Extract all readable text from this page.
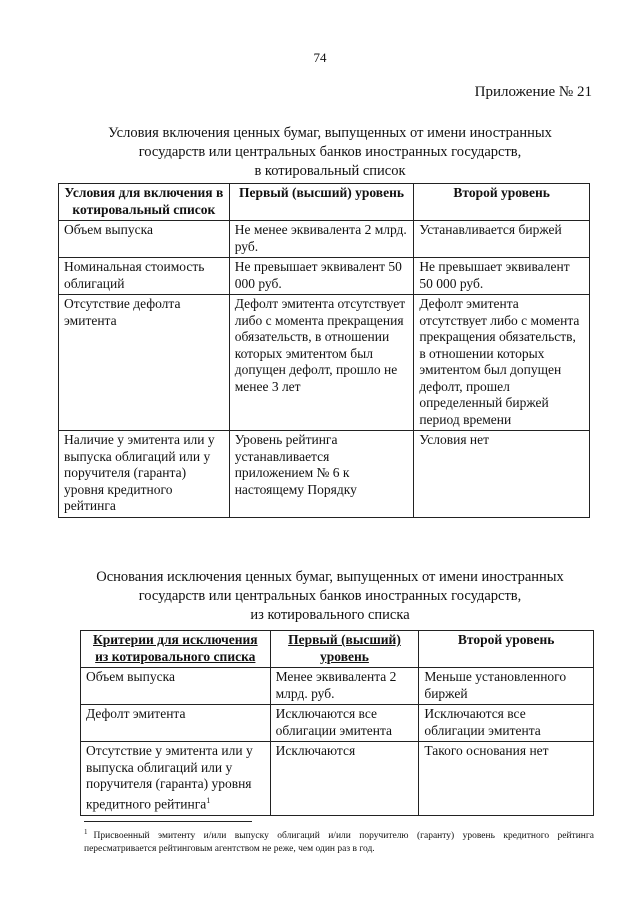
74
Приложение № 21
Условия включения ценных бумаг, выпущенных от имени иностранных
государств или центральных банков иностранных государств,
в котировальный список
Условия для включения в котировальный список	Первый (высший) уровень	Второй уровень
Объем выпуска	Не менее эквивалента 2 млрд. руб.	Устанавливается биржей
Номинальная стоимость облигаций	Не превышает эквивалент 50 000 руб.	Не превышает эквивалент 50 000 руб.
Отсутствие дефолта эмитента	Дефолт эмитента отсутствует либо с момента прекращения обязательств, в отношении которых эмитентом был допущен дефолт, прошло не менее 3 лет	Дефолт эмитента отсутствует либо с момента прекращения обязательств, в отношении которых эмитентом был допущен дефолт, прошел определенный биржей период времени
Наличие у эмитента или у выпуска облигаций или у поручителя (гаранта) уровня кредитного рейтинга	Уровень рейтинга устанавливается приложением № 6 к настоящему Порядку	Условия нет
Основания исключения ценных бумаг, выпущенных от имени иностранных
государств или центральных банков иностранных государств,
из котировального списка
Критерии для исключения из котировального списка	Первый (высший) уровень	Второй уровень
Объем выпуска	Менее эквивалента 2 млрд. руб.	Меньше установленного биржей
Дефолт эмитента	Исключаются все облигации эмитента	Исключаются все облигации эмитента
Отсутствие у эмитента или у выпуска облигаций или у поручителя (гаранта) уровня кредитного рейтинга$^1$	Исключаются	Такого основания нет
$^1$ Присвоенный эмитенту и/или выпуску облигаций и/или поручителю (гаранту) уровень кредитного рейтинга пересматривается рейтинговым агентством не реже, чем один раз в год.
